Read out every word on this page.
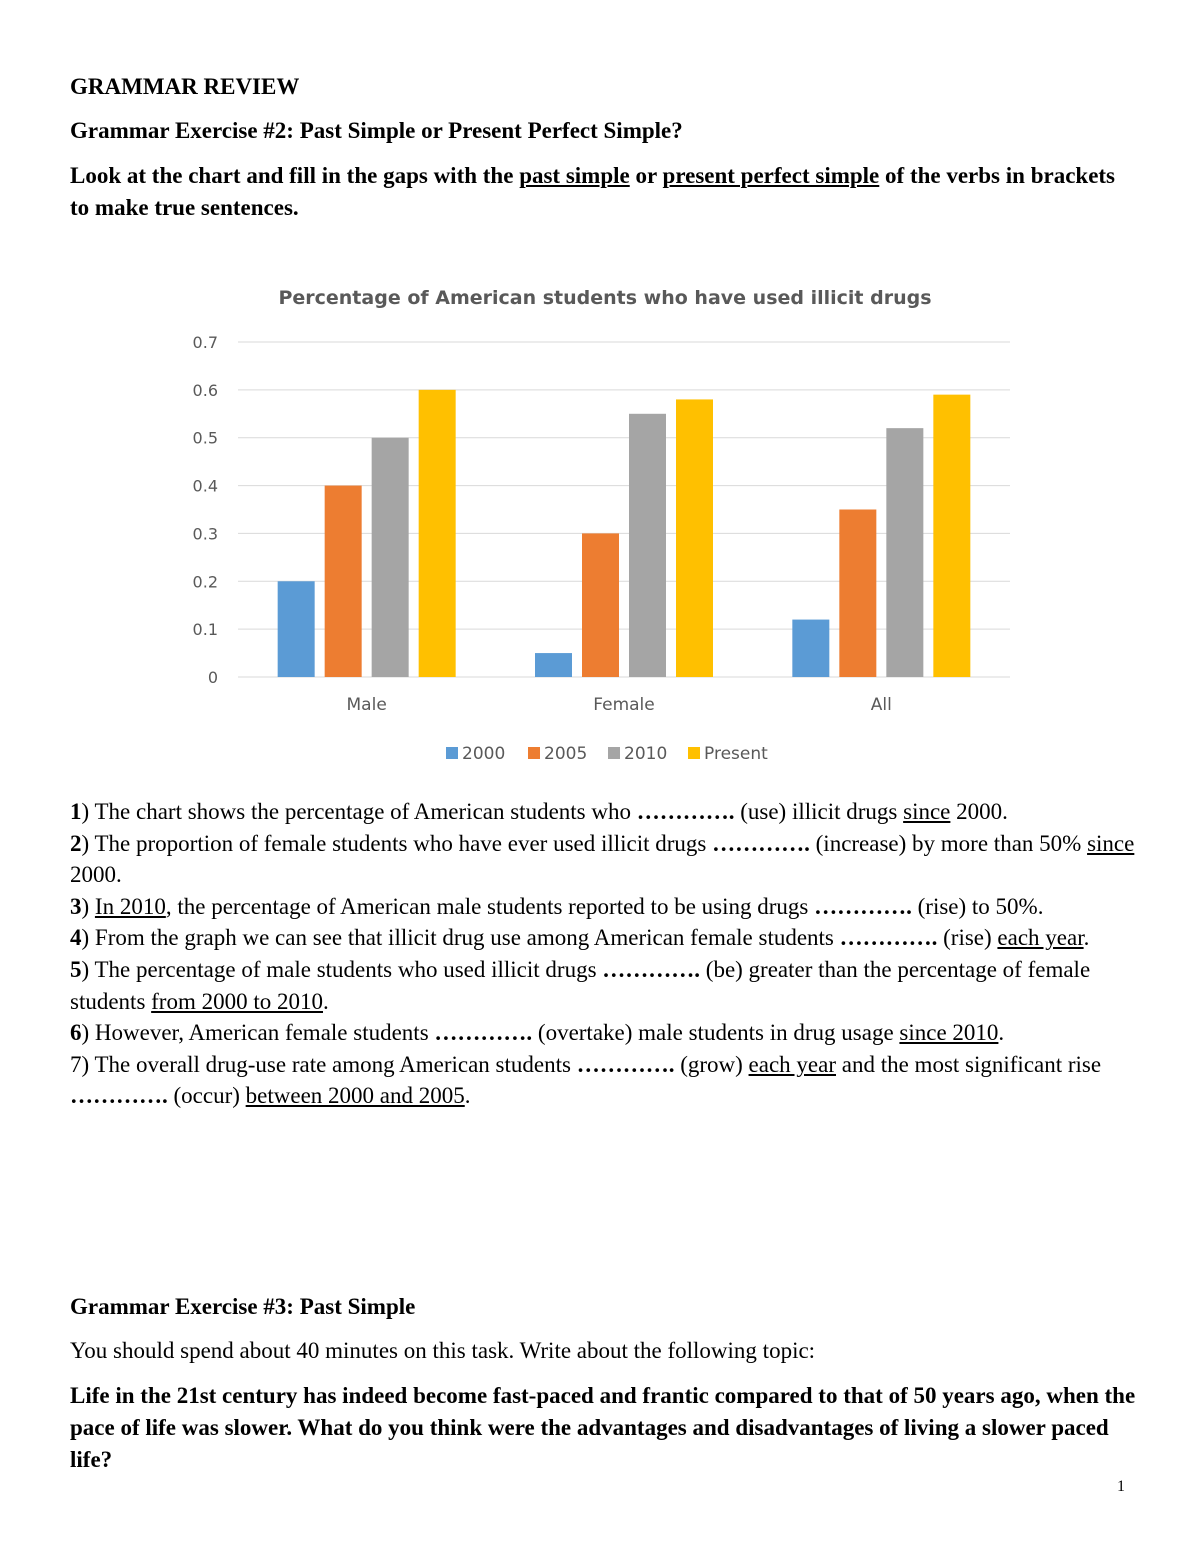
GRAMMAR REVIEW
Grammar Exercise #2: Past Simple or Present Perfect Simple?
Look at the chart and fill in the gaps with the past simple or present perfect simple of the verbs in brackets to make true sentences.
Percentage of American students who have used illicit drugs
0
0.1
0.2
0.3
0.4
0.5
0.6
0.7
Male	Female	All
2000 2005 2010 Present
1) The chart shows the percentage of American students who …………. (use) illicit drugs since 2000.
2) The proportion of female students who have ever used illicit drugs …………. (increase) by more than 50% since 2000.
3) In 2010, the percentage of American male students reported to be using drugs …………. (rise) to 50%.
4) From the graph we can see that illicit drug use among American female students …………. (rise) each year.
5) The percentage of male students who used illicit drugs …………. (be) greater than the percentage of female students from 2000 to 2010.
6) However, American female students …………. (overtake) male students in drug usage since 2010.
7) The overall drug-use rate among American students …………. (grow) each year and the most significant rise …………. (occur) between 2000 and 2005.
Grammar Exercise #3: Past Simple
You should spend about 40 minutes on this task. Write about the following topic:
Life in the 21st century has indeed become fast-paced and frantic compared to that of 50 years ago, when the pace of life was slower. What do you think were the advantages and disadvantages of living a slower paced life?
1
